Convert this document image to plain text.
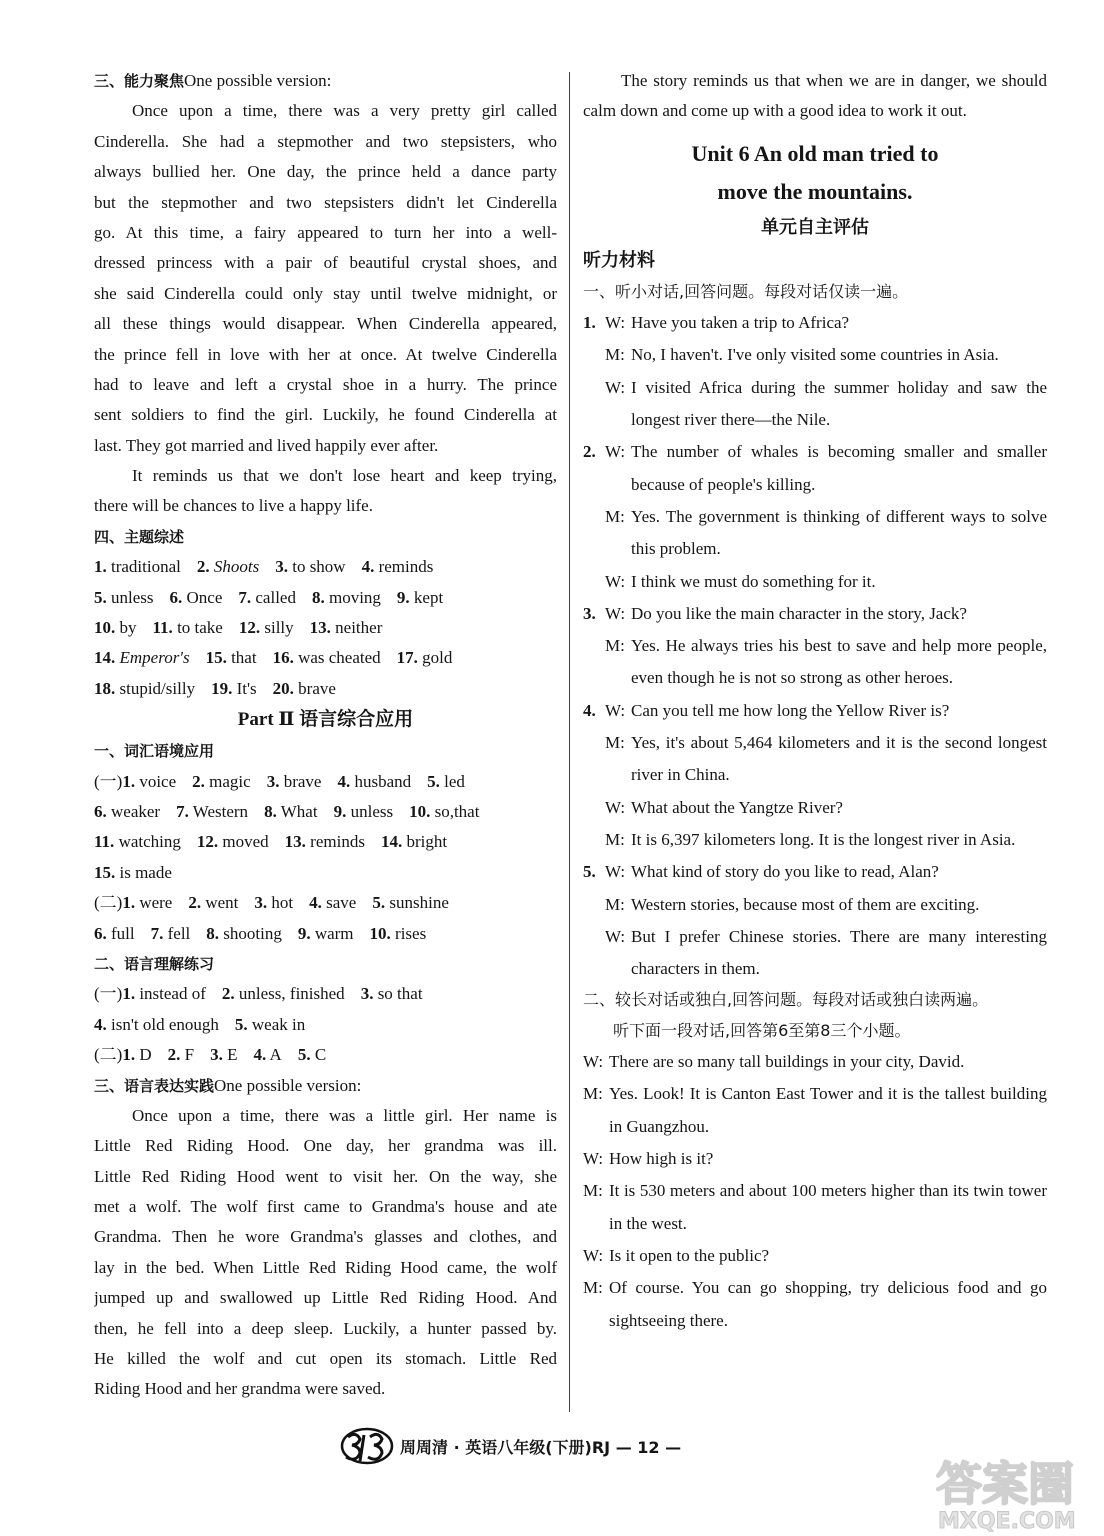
三、能力聚焦One possible version:
Once upon a time, there was a very pretty girl called
Cinderella. She had a stepmother and two stepsisters, who
always bullied her. One day, the prince held a dance party
but the stepmother and two stepsisters didn't let Cinderella
go. At this time, a fairy appeared to turn her into a well-
dressed princess with a pair of beautiful crystal shoes, and
she said Cinderella could only stay until twelve midnight, or
all these things would disappear. When Cinderella appeared,
the prince fell in love with her at once. At twelve Cinderella
had to leave and left a crystal shoe in a hurry. The prince
sent soldiers to find the girl. Luckily, he found Cinderella at
last. They got married and lived happily ever after.
It reminds us that we don't lose heart and keep trying,
there will be chances to live a happy life.
四、主题综述
1. traditional 2. Shoots 3. to show 4. reminds
5. unless 6. Once 7. called 8. moving 9. kept
10. by 11. to take 12. silly 13. neither
14. Emperor's 15. that 16. was cheated 17. gold
18. stupid/silly 19. It's 20. brave
Part Ⅱ 语言综合应用
一、词汇语境应用
(一)1. voice 2. magic 3. brave 4. husband 5. led
6. weaker 7. Western 8. What 9. unless 10. so,that
11. watching 12. moved 13. reminds 14. bright
15. is made
(二)1. were 2. went 3. hot 4. save 5. sunshine
6. full 7. fell 8. shooting 9. warm 10. rises
二、语言理解练习
(一)1. instead of 2. unless, finished 3. so that
4. isn't old enough 5. weak in
(二)1. D 2. F 3. E 4. A 5. C
三、语言表达实践One possible version:
Once upon a time, there was a little girl. Her name is
Little Red Riding Hood. One day, her grandma was ill.
Little Red Riding Hood went to visit her. On the way, she
met a wolf. The wolf first came to Grandma's house and ate
Grandma. Then he wore Grandma's glasses and clothes, and
lay in the bed. When Little Red Riding Hood came, the wolf
jumped up and swallowed up Little Red Riding Hood. And
then, he fell into a deep sleep. Luckily, a hunter passed by.
He killed the wolf and cut open its stomach. Little Red
Riding Hood and her grandma were saved.
The story reminds us that when we are in danger, we should
calm down and come up with a good idea to work it out.
Unit 6 An old man tried to
move the mountains.
单元自主评估
听力材料
一、听小对话,回答问题。每段对话仅读一遍。
1. W: Have you taken a trip to Africa?
M: No, I haven't. I've only visited some countries in Asia.
W: I visited Africa during the summer holiday and saw the longest river there—the Nile.
2. W: The number of whales is becoming smaller and smaller because of people's killing.
M: Yes. The government is thinking of different ways to solve this problem.
W: I think we must do something for it.
3. W: Do you like the main character in the story, Jack?
M: Yes. He always tries his best to save and help more people, even though he is not so strong as other heroes.
4. W: Can you tell me how long the Yellow River is?
M: Yes, it's about 5,464 kilometers and it is the second longest river in China.
W: What about the Yangtze River?
M: It is 6,397 kilometers long. It is the longest river in Asia.
5. W: What kind of story do you like to read, Alan?
M: Western stories, because most of them are exciting.
W: But I prefer Chinese stories. There are many interesting characters in them.
二、较长对话或独白,回答问题。每段对话或独白读两遍。
听下面一段对话,回答第6至第8三个小题。
W: There are so many tall buildings in your city, David.
M: Yes. Look! It is Canton East Tower and it is the tallest building in Guangzhou.
W: How high is it?
M: It is 530 meters and about 100 meters higher than its twin tower in the west.
W: Is it open to the public?
M: Of course. You can go shopping, try delicious food and go sightseeing there.
周周清 · 英语八年级(下册)RJ — 12 —
答案圈
MXQE.COM
